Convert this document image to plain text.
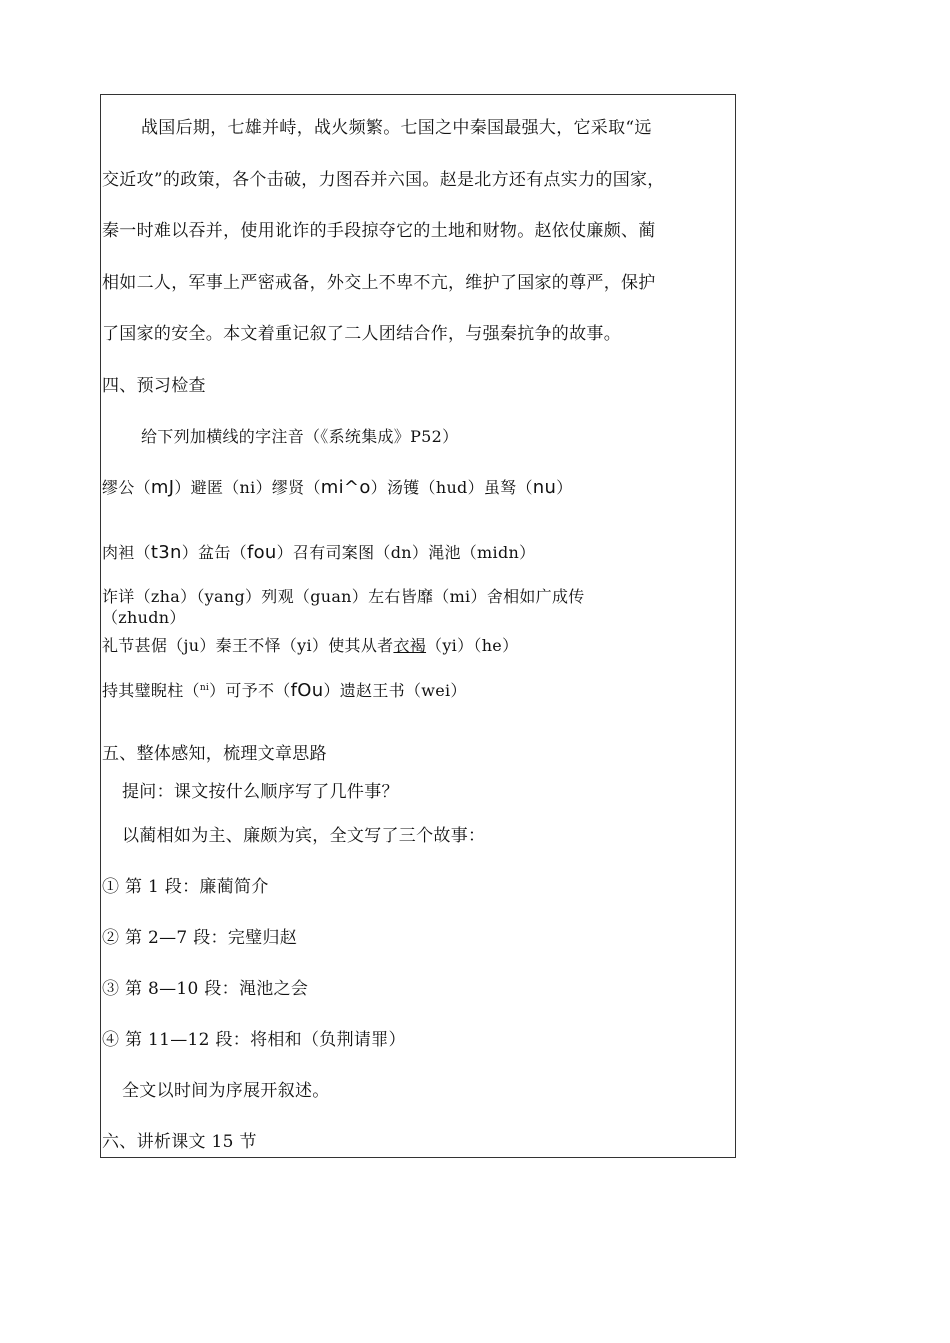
战国后期，七雄并峙，战火频繁。七国之中秦国最强大，它采取“远
交近攻”的政策，各个击破，力图吞并六国。赵是北方还有点实力的国家，
秦一时难以吞并，使用讹诈的手段掠夺它的土地和财物。赵依仗廉颇、蔺
相如二人，军事上严密戒备，外交上不卑不亢，维护了国家的尊严，保护
了国家的安全。本文着重记叙了二人团结合作，与强秦抗争的故事。
四、预习检查
给下列加横线的字注音（《系统集成》P52）
缪公（mJ）避匿（ni）缪贤（mi^o）汤镬（hud）虽驽（nu）
肉袒（t3n）盆缶（fou）召有司案图（dn）渑池（midn）
诈详（zha）（yang）列观（guan）左右皆靡（mi）舍相如广成传
（zhudn）
礼节甚倨（ju）秦王不怿（yi）使其从者衣褐（yi）（he）
持其璧睨柱（$^{ni}$）可予不（fOu）遗赵王书（wei）
五、整体感知，梳理文章思路
提问：课文按什么顺序写了几件事？
以蔺相如为主、廉颇为宾，全文写了三个故事：
① 第 1 段：廉蔺简介
② 第 2—7 段：完璧归赵
③ 第 8—10 段：渑池之会
④ 第 11—12 段：将相和（负荆请罪）
全文以时间为序展开叙述。
六、讲析课文 15 节
